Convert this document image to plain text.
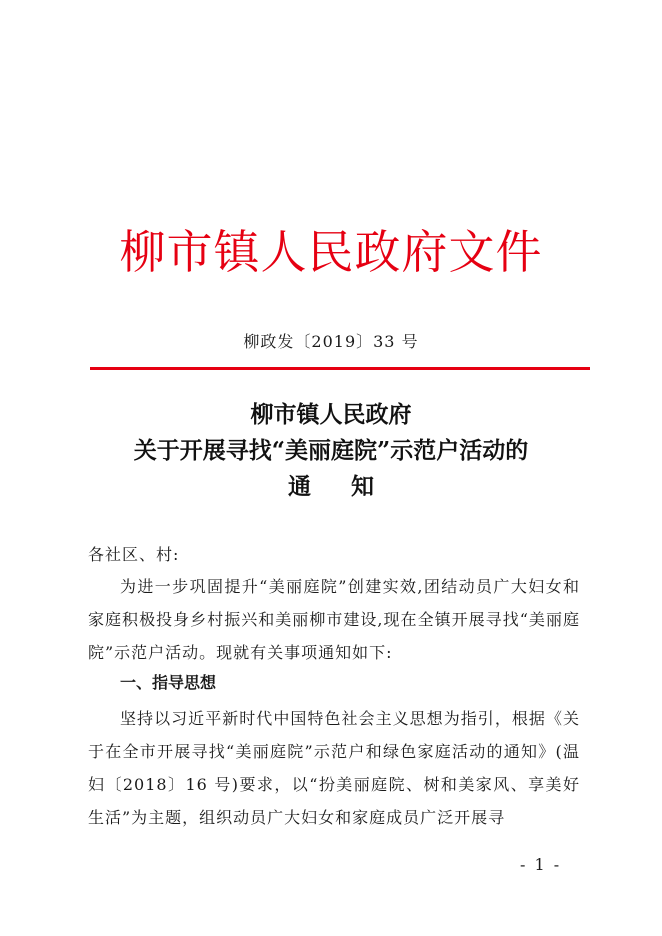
柳市镇人民政府文件
柳政发〔2019〕33 号
柳市镇人民政府
关于开展寻找“美丽庭院”示范户活动的
通 知
各社区、村:
为进一步巩固提升“美丽庭院”创建实效,团结动员广大妇女和家庭积极投身乡村振兴和美丽柳市建设,现在全镇开展寻找“美丽庭院”示范户活动。现就有关事项通知如下:
一、指导思想
坚持以习近平新时代中国特色社会主义思想为指引，根据《关于在全市开展寻找“美丽庭院”示范户和绿色家庭活动的通知》(温妇〔2018〕16 号)要求，以“扮美丽庭院、树和美家风、享美好生活”为主题，组织动员广大妇女和家庭成员广泛开展寻
- 1 -
